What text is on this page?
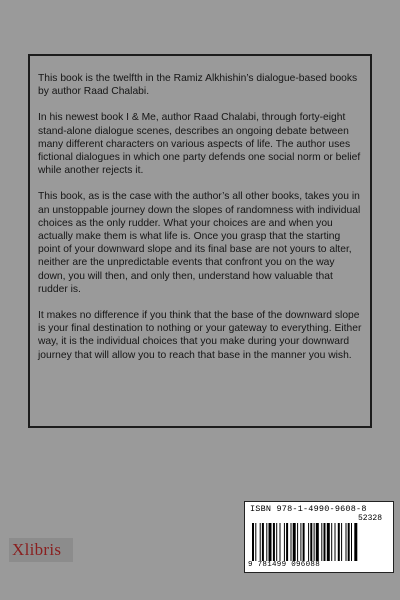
This book is the twelfth in the Ramiz Alkhishin’s dialogue-based books by author Raad Chalabi.

In his newest book I & Me, author Raad Chalabi, through forty-eight stand-alone dialogue scenes, describes an ongoing debate between many different characters on various aspects of life. The author uses fictional dialogues in which one party defends one social norm or belief while another rejects it.

This book, as is the case with the author’s all other books, takes you in an unstoppable journey down the slopes of randomness with individual choices as the only rudder. What your choices are and when you actually make them is what life is. Once you grasp that the starting point of your downward slope and its final base are not yours to alter, neither are the unpredictable events that confront you on the way down, you will then, and only then, understand how valuable that rudder is.

It makes no difference if you think that the base of the downward slope is your final destination to nothing or your gateway to everything. Either way, it is the individual choices that you make during your downward journey that will allow you to reach that base in the manner you wish.

Xlibris
ISBN 978-1-4990-9608-8
52328
9 781499 096088
